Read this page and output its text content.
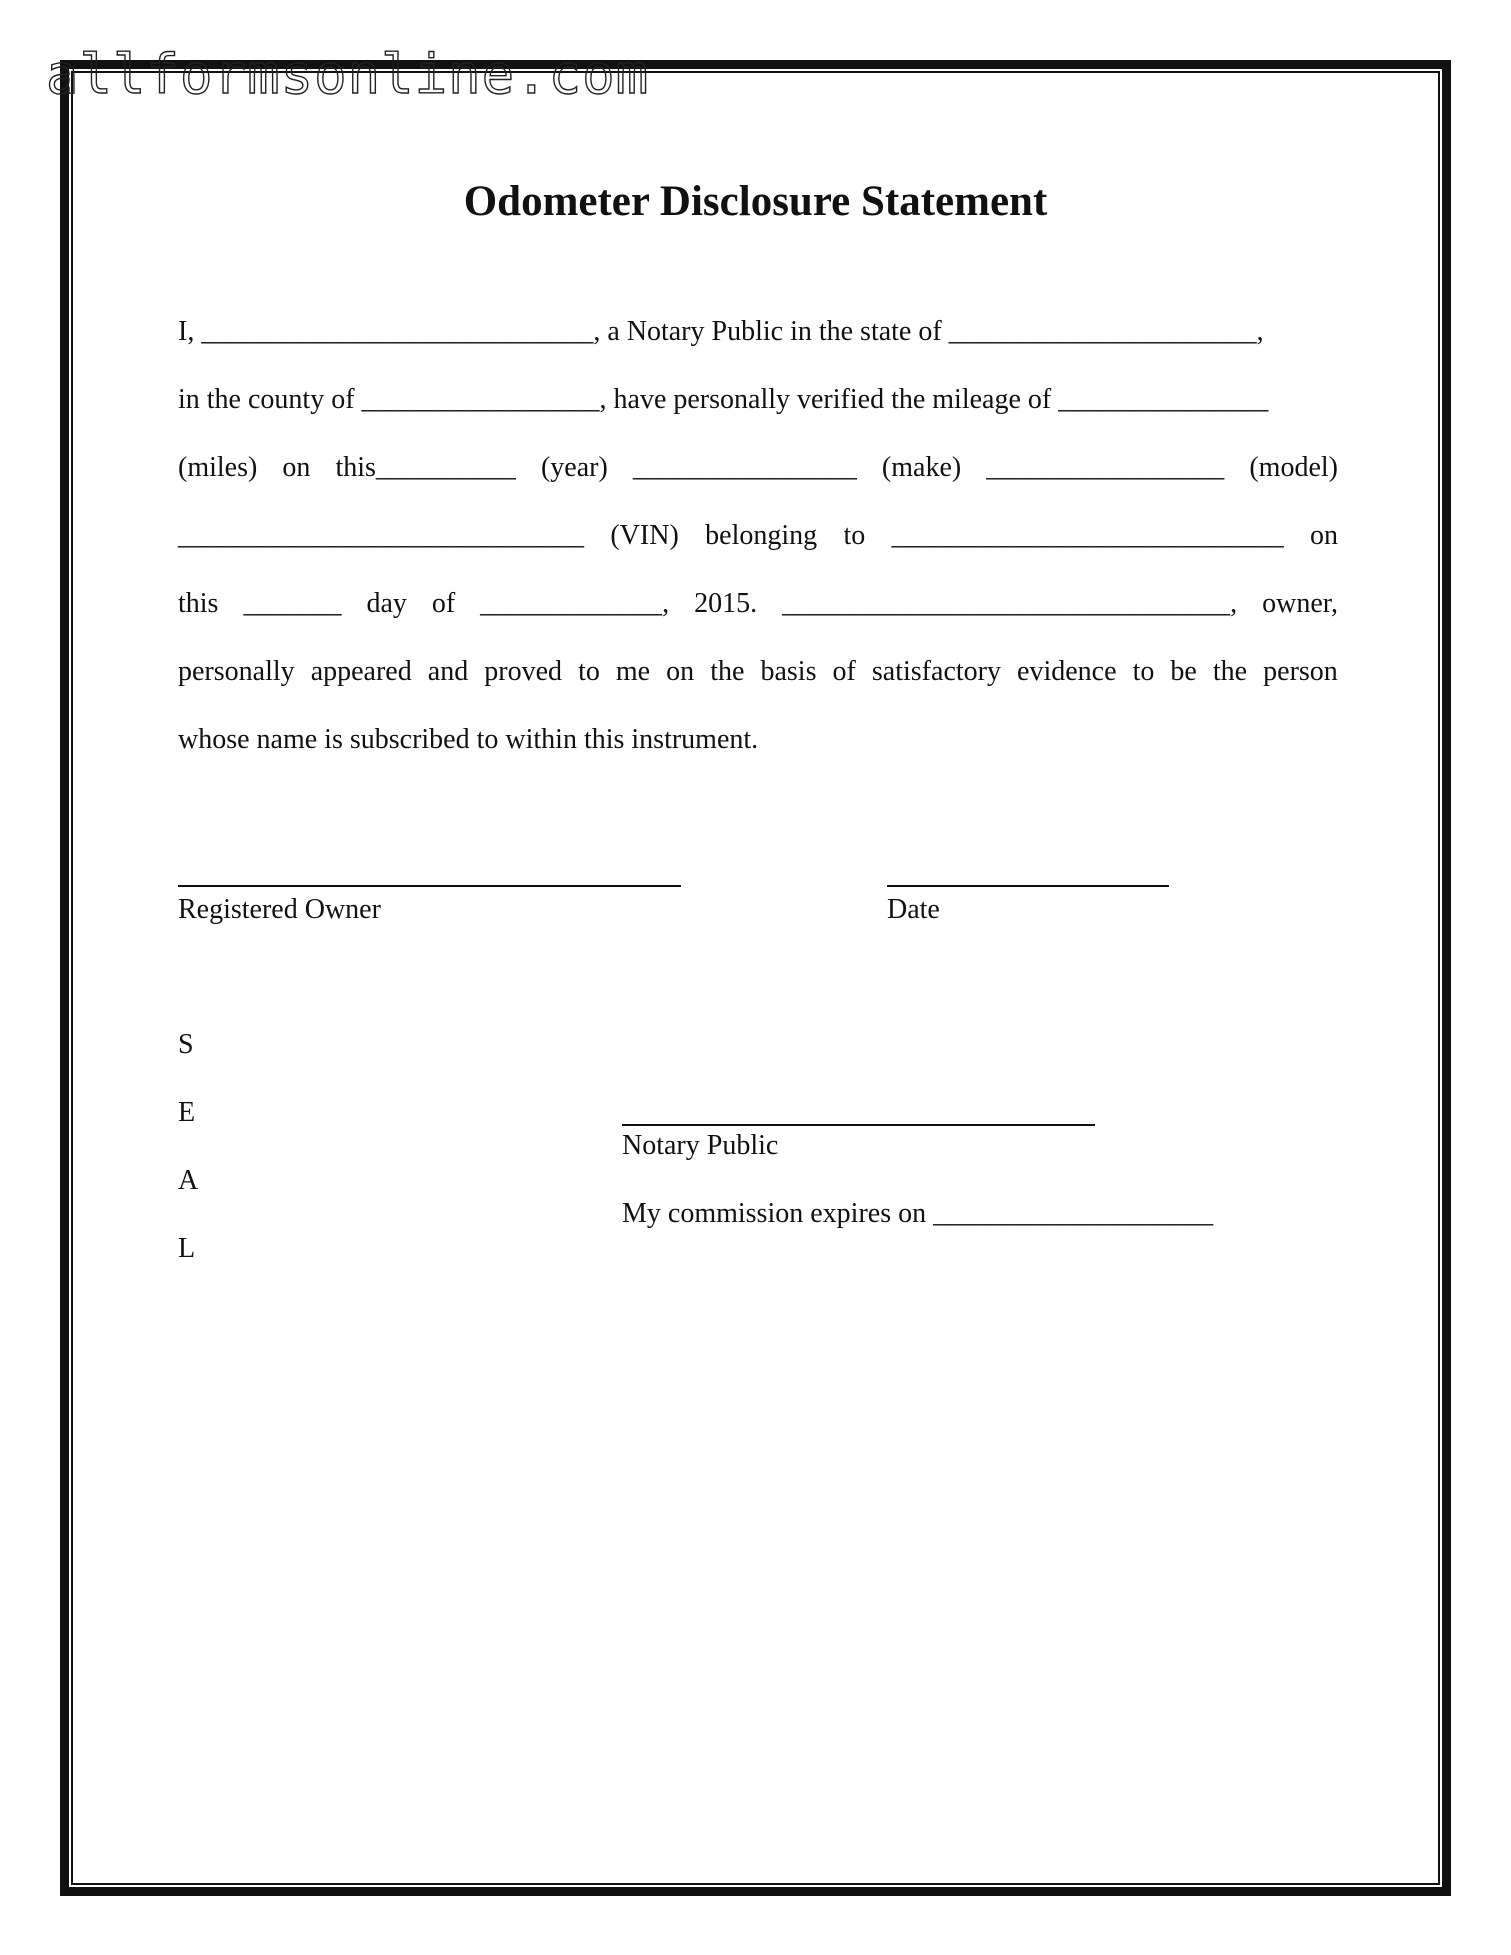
allformsonline.com
Odometer Disclosure Statement
I, ____________________________, a Notary Public in the state of ______________________,
in the county of _________________, have personally verified the mileage of _______________
(miles) on this__________ (year) ________________ (make) _________________ (model)
_____________________________ (VIN) belonging to ____________________________ on
this _______ day of _____________, 2015. ________________________________, owner,
personally appeared and proved to me on the basis of satisfactory evidence to be the person
whose name is subscribed to within this instrument.
Registered Owner	Date
S
E
A
L
Notary Public
My commission expires on ____________________
